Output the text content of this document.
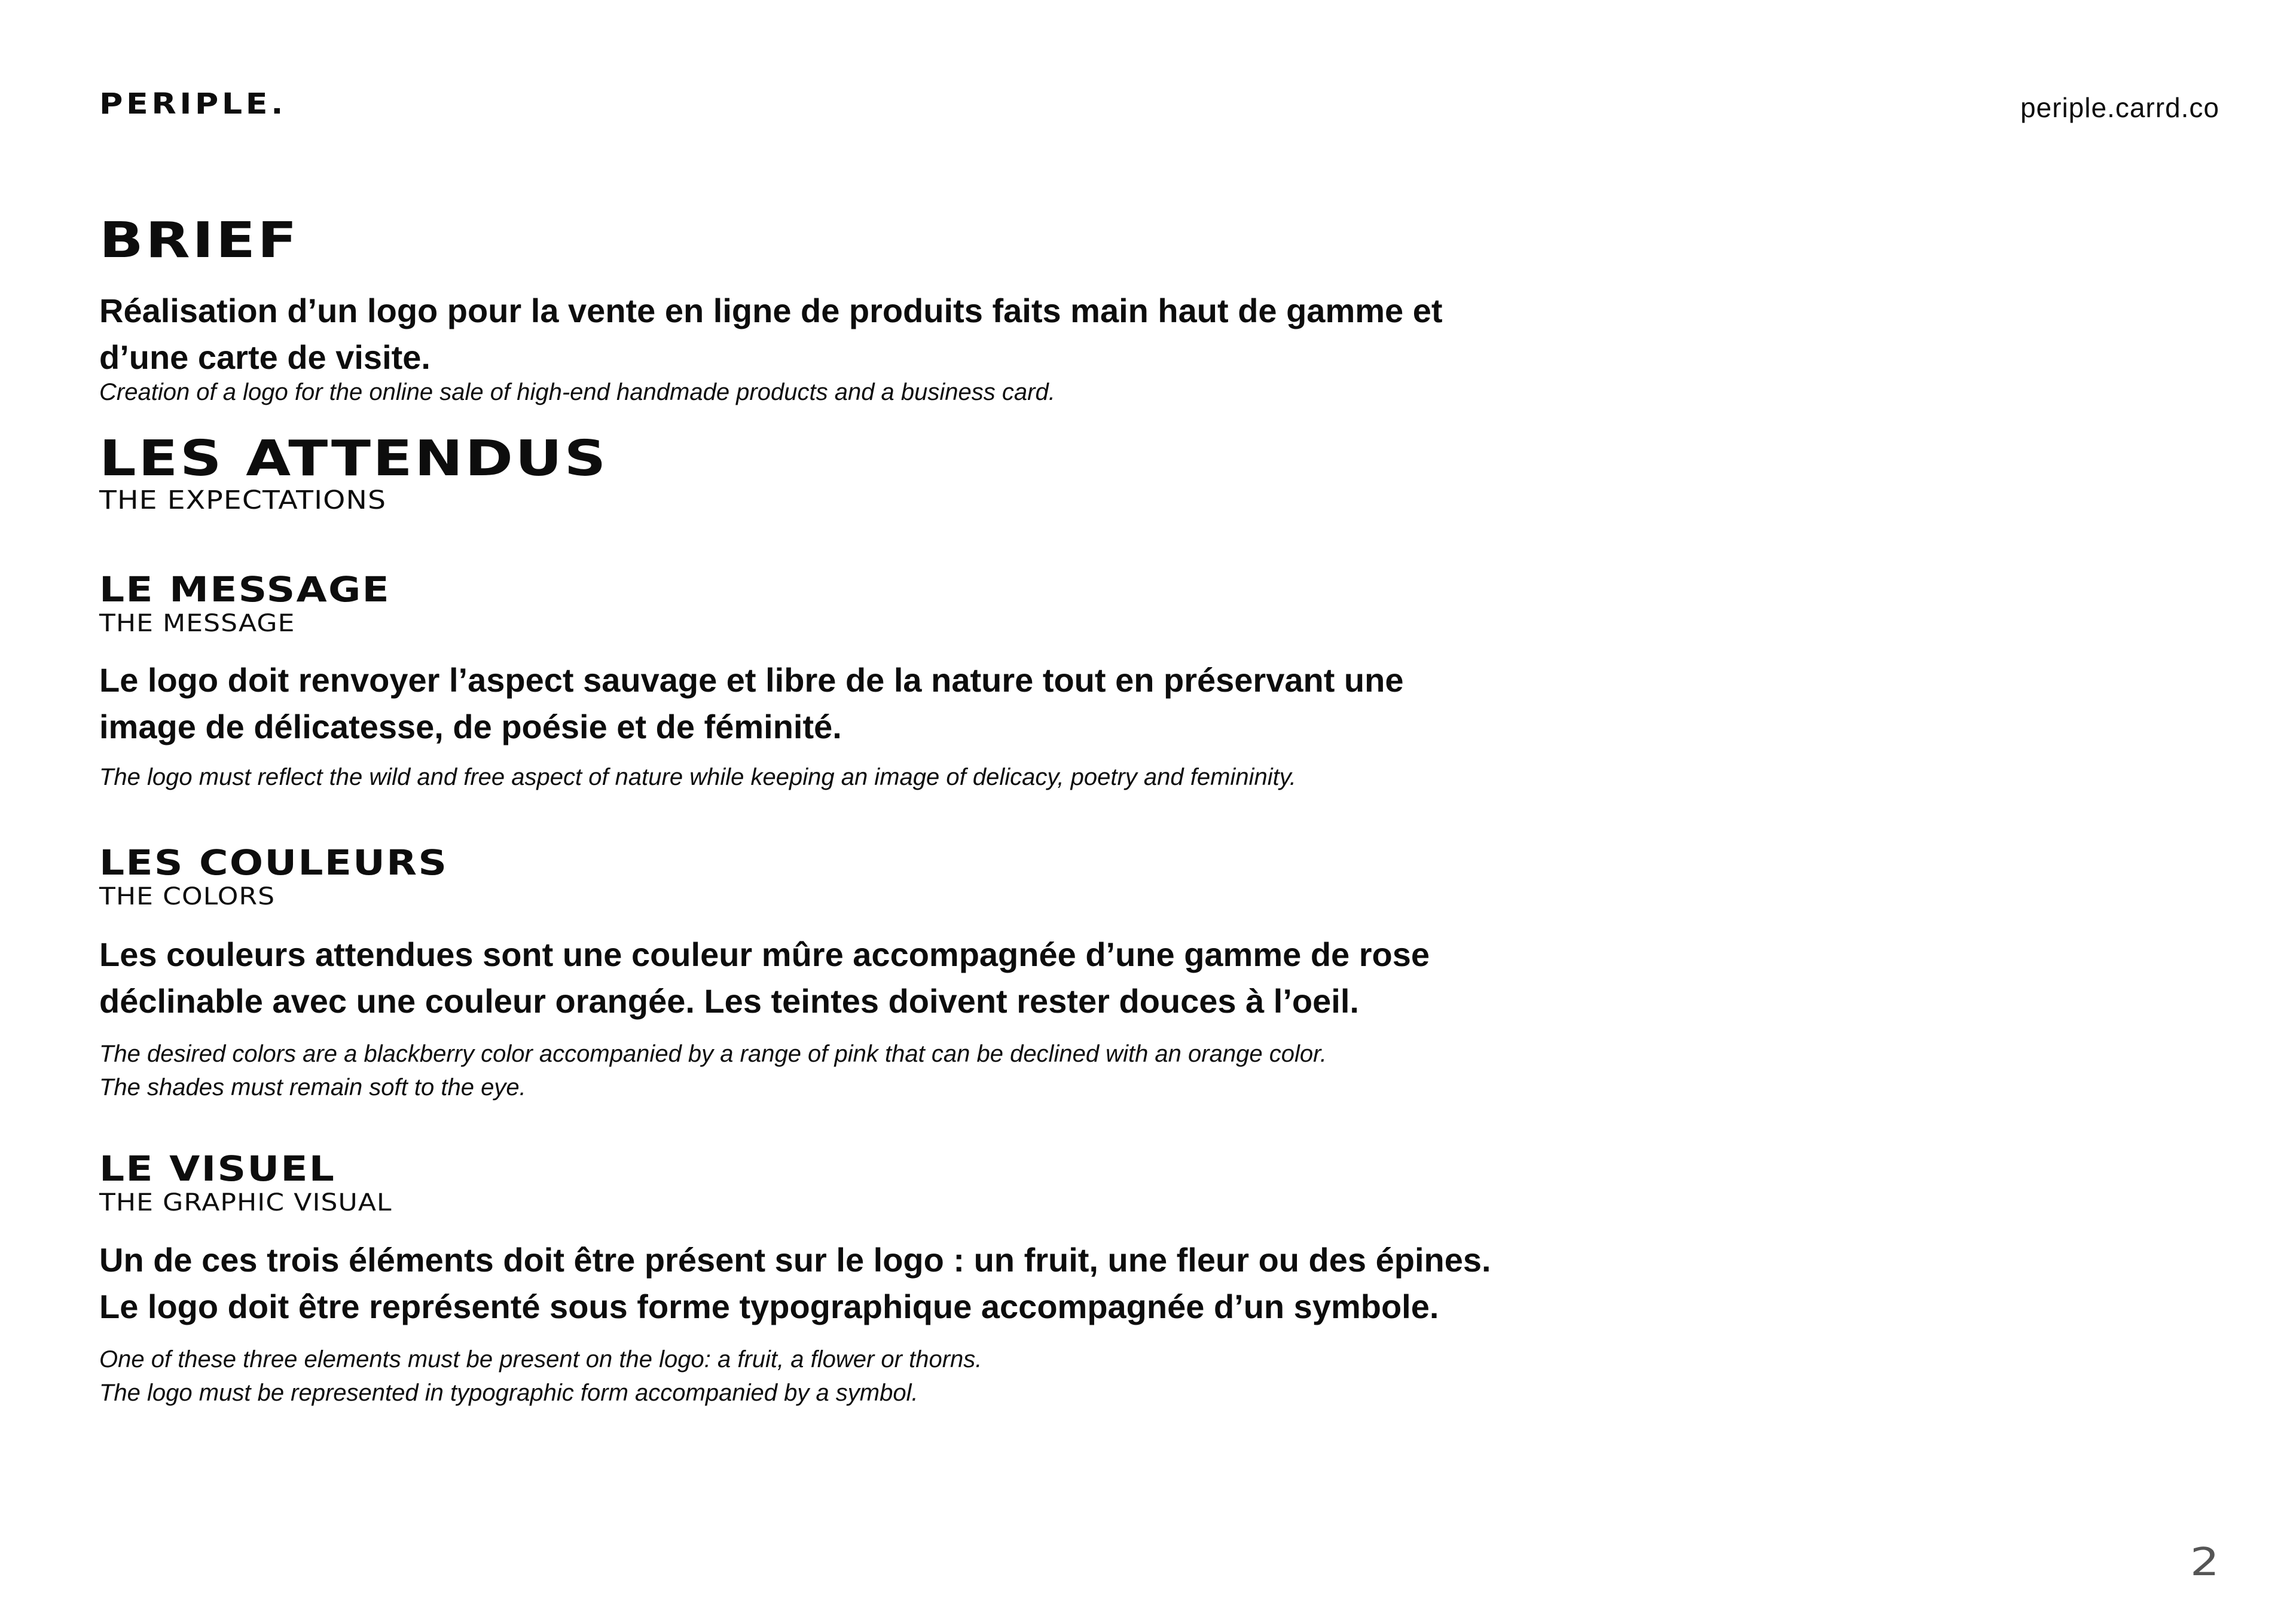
PERIPLE.	periple.carrd.co
BRIEF
Réalisation d’un logo pour la vente en ligne de produits faits main haut de gamme et
d’une carte de visite.
Creation of a logo for the online sale of high-end handmade products and a business card.
LES ATTENDUS
THE EXPECTATIONS
LE MESSAGE
THE MESSAGE
Le logo doit renvoyer l’aspect sauvage et libre de la nature tout en préservant une
image de délicatesse, de poésie et de féminité.
The logo must reflect the wild and free aspect of nature while keeping an image of delicacy, poetry and femininity.
LES COULEURS
THE COLORS
Les couleurs attendues sont une couleur mûre accompagnée d’une gamme de rose
déclinable avec une couleur orangée. Les teintes doivent rester douces à l’oeil.
The desired colors are a blackberry color accompanied by a range of pink that can be declined with an orange color.
The shades must remain soft to the eye.
LE VISUEL
THE GRAPHIC VISUAL
Un de ces trois éléments doit être présent sur le logo : un fruit, une fleur ou des épines.
Le logo doit être représenté sous forme typographique accompagnée d’un symbole.
One of these three elements must be present on the logo: a fruit, a flower or thorns.
The logo must be represented in typographic form accompanied by a symbol.
2
